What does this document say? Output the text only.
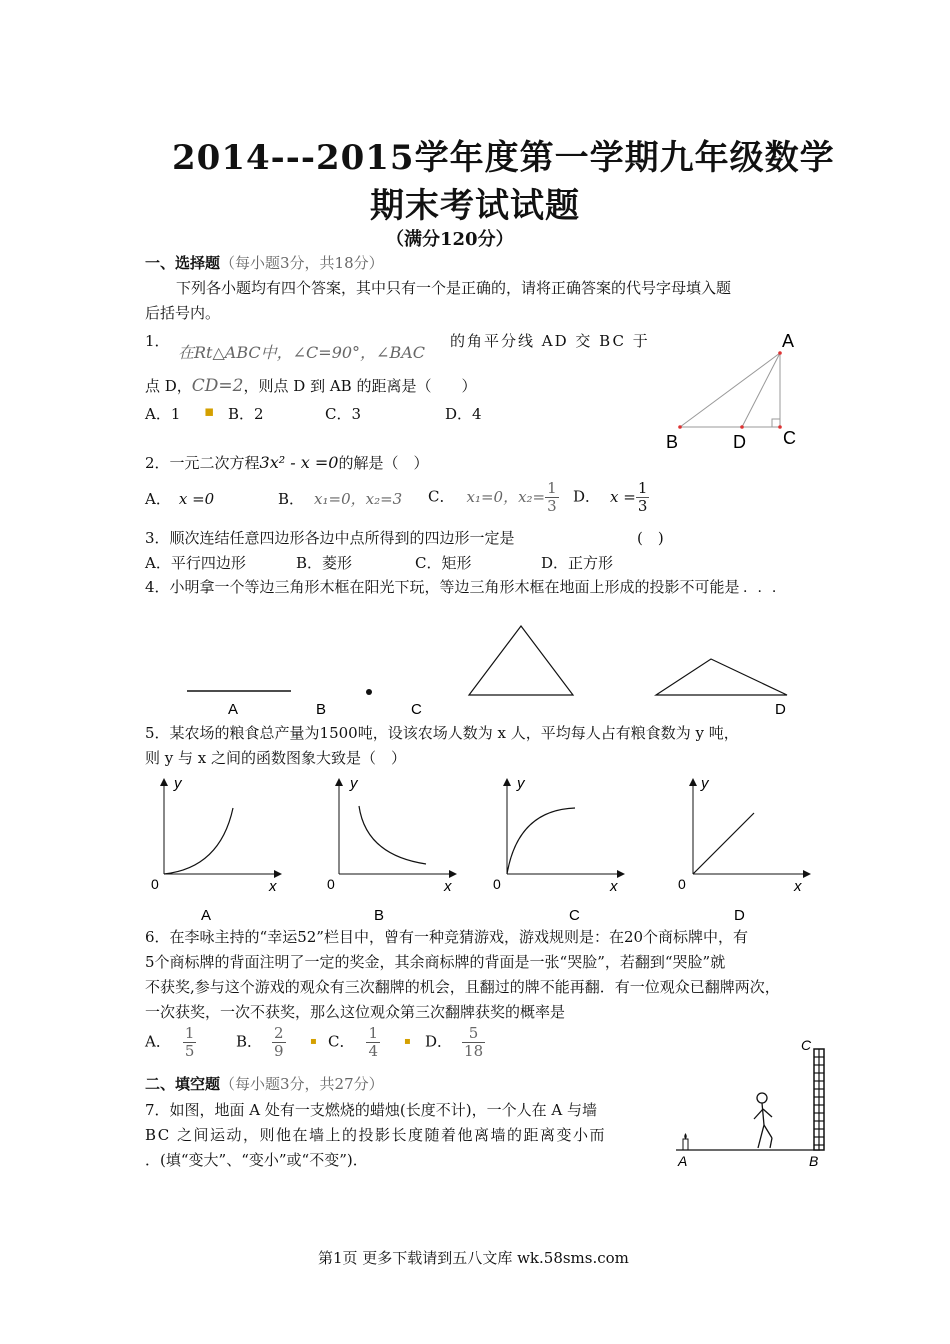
2014---2015学年度第一学期九年级数学
期末考试试题
（满分120分）
一、选择题（每小题3分，共18分）
下列各小题均有四个答案，其中只有一个是正确的，请将正确答案的代号字母填入题
后括号内。
1．
在Rt△ABC中，∠C=90°，∠BAC
的角平分线 AD 交 BC 于
点 D，CD=2，则点 D 到 AB 的距离是（　　）
A．1 ▪ B．2	C．3	D．4
A
B	D C
2．一元二次方程3x² - x =0的解是（　）
A． x =0	B． x₁=0，x₂=3 C． x₁=0，$x_2= \frac{1}{3}$ D． $x = \frac{1}{3}$
3．顺次连结任意四边形各边中点所得到的四边形一定是	(　)
A．平行四边形	B．菱形	C．矩形	D．正方形
4．小明拿一个等边三角形木框在阳光下玩，等边三角形木框在地面上形成的投影不可能是 ···
A	B	C	D
5．某农场的粮食总产量为1500吨，设该农场人数为 x 人，平均每人占有粮食数为 y 吨，
则 y 与 x 之间的函数图象大致是（　）
y
x
0
y
x
0
y
x
0
y
x
0
A	B	C	D
6．在李咏主持的“幸运52”栏目中，曾有一种竞猜游戏，游戏规则是：在20个商标牌中，有
5个商标牌的背面注明了一定的奖金，其余商标牌的背面是一张“哭脸”，若翻到“哭脸”就
不获奖,参与这个游戏的观众有三次翻牌的机会，且翻过的牌不能再翻．有一位观众已翻牌两次，
一次获奖，一次不获奖，那么这位观众第三次翻牌获奖的概率是
A． $\frac{1}{5}$	B． $\frac{2}{9}$ ▪ C． $\frac{1}{4}$ ▪ D． $\frac{5}{18}$
二、填空题（每小题3分，共27分）
7．如图，地面 A 处有一支燃烧的蜡烛(长度不计)，一个人在 A 与墙
BC 之间运动，则他在墙上的投影长度随着他离墙的距离变小而
．(填“变大”、“变小”或“不变”)．
C
A	B
第1页 更多下载请到五八文库 wk.58sms.com
